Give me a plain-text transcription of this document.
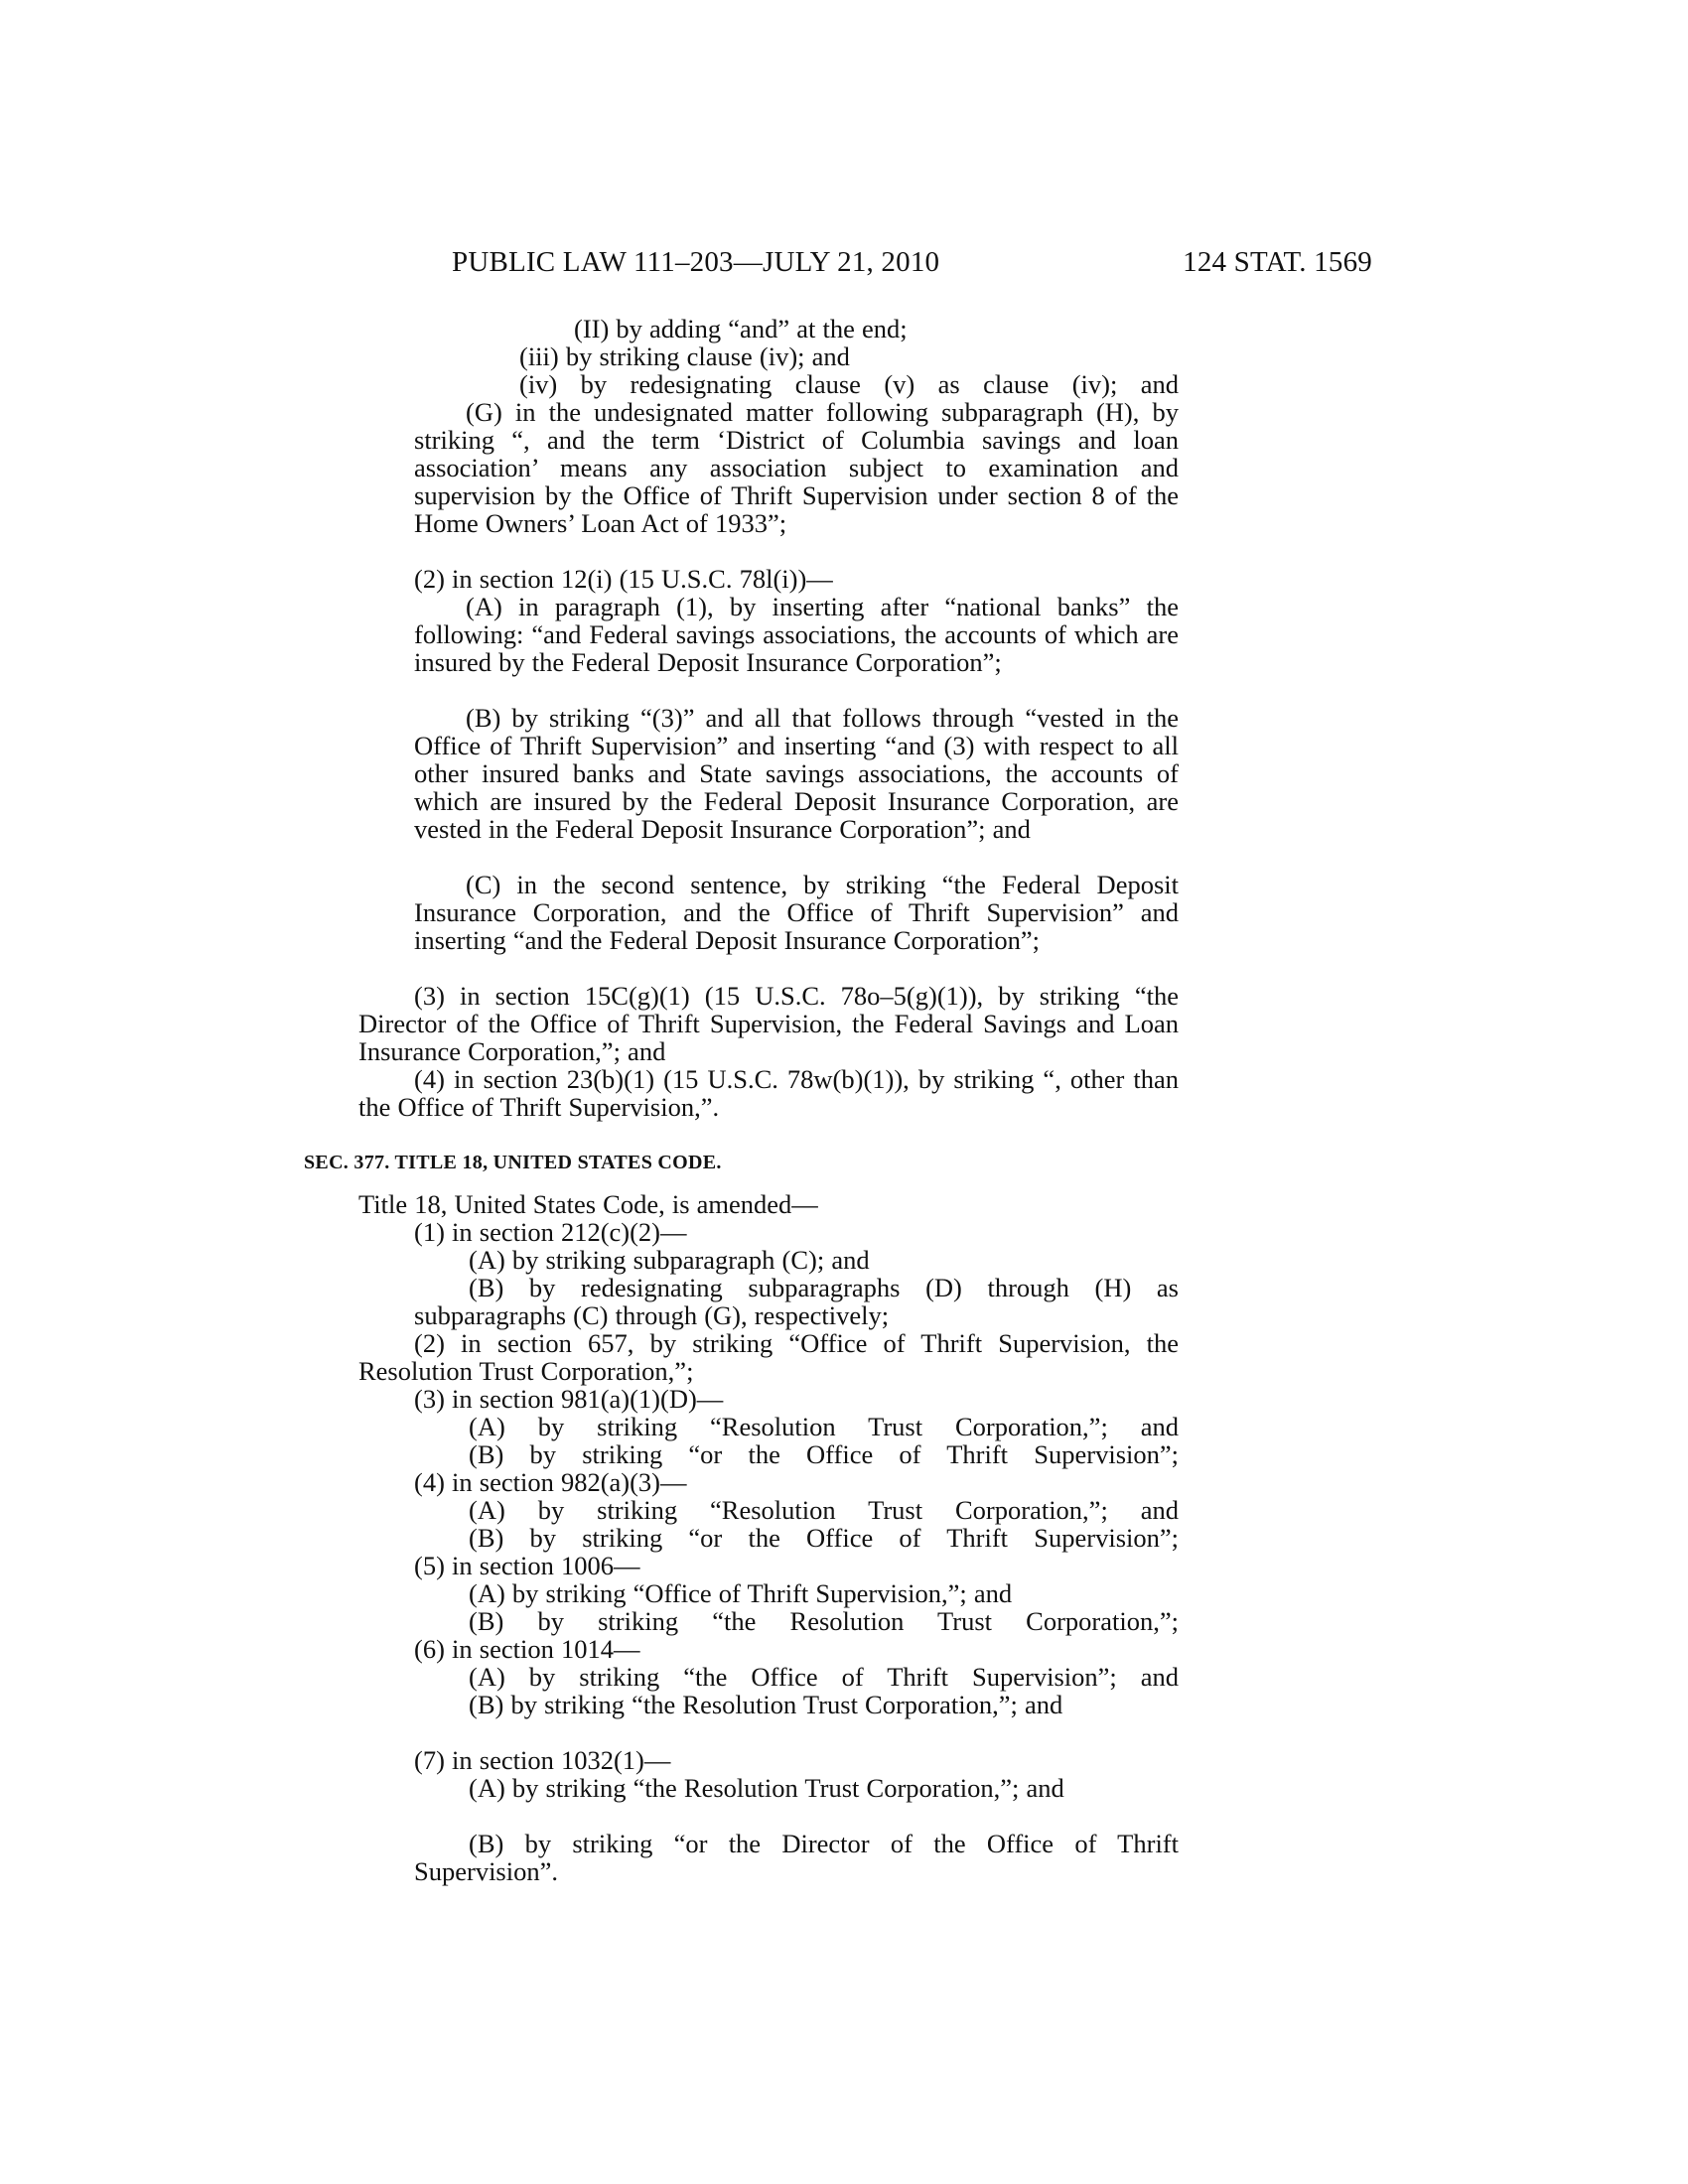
PUBLIC LAW 111–203—JULY 21, 2010	124 STAT. 1569
(II) by adding “and” at the end;
(iii) by striking clause (iv); and
(iv) by redesignating clause (v) as clause (iv); and
(G) in the undesignated matter following subparagraph (H), by striking “, and the term ‘District of Columbia savings and loan association’ means any association subject to examination and supervision by the Office of Thrift Supervision under section 8 of the Home Owners’ Loan Act of 1933”;
(2) in section 12(i) (15 U.S.C. 78l(i))—
(A) in paragraph (1), by inserting after “national banks” the following: “and Federal savings associations, the accounts of which are insured by the Federal Deposit Insurance Corporation”;
(B) by striking “(3)” and all that follows through “vested in the Office of Thrift Supervision” and inserting “and (3) with respect to all other insured banks and State savings associations, the accounts of which are insured by the Federal Deposit Insurance Corporation, are vested in the Federal Deposit Insurance Corporation”; and
(C) in the second sentence, by striking “the Federal Deposit Insurance Corporation, and the Office of Thrift Supervision” and inserting “and the Federal Deposit Insurance Corporation”;
(3) in section 15C(g)(1) (15 U.S.C. 78o–5(g)(1)), by striking “the Director of the Office of Thrift Supervision, the Federal Savings and Loan Insurance Corporation,”; and
(4) in section 23(b)(1) (15 U.S.C. 78w(b)(1)), by striking “, other than the Office of Thrift Supervision,”.
SEC. 377. TITLE 18, UNITED STATES CODE.
Title 18, United States Code, is amended—
(1) in section 212(c)(2)—
(A) by striking subparagraph (C); and
(B) by redesignating subparagraphs (D) through (H) as subparagraphs (C) through (G), respectively;
(2) in section 657, by striking “Office of Thrift Supervision, the Resolution Trust Corporation,”;
(3) in section 981(a)(1)(D)—
(A) by striking “Resolution Trust Corporation,”; and
(B) by striking “or the Office of Thrift Supervision”;
(4) in section 982(a)(3)—
(A) by striking “Resolution Trust Corporation,”; and
(B) by striking “or the Office of Thrift Supervision”;
(5) in section 1006—
(A) by striking “Office of Thrift Supervision,”; and
(B) by striking “the Resolution Trust Corporation,”;
(6) in section 1014—
(A) by striking “the Office of Thrift Supervision”; and
(B) by striking “the Resolution Trust Corporation,”; and
(7) in section 1032(1)—
(A) by striking “the Resolution Trust Corporation,”; and
(B) by striking “or the Director of the Office of Thrift Supervision”.
